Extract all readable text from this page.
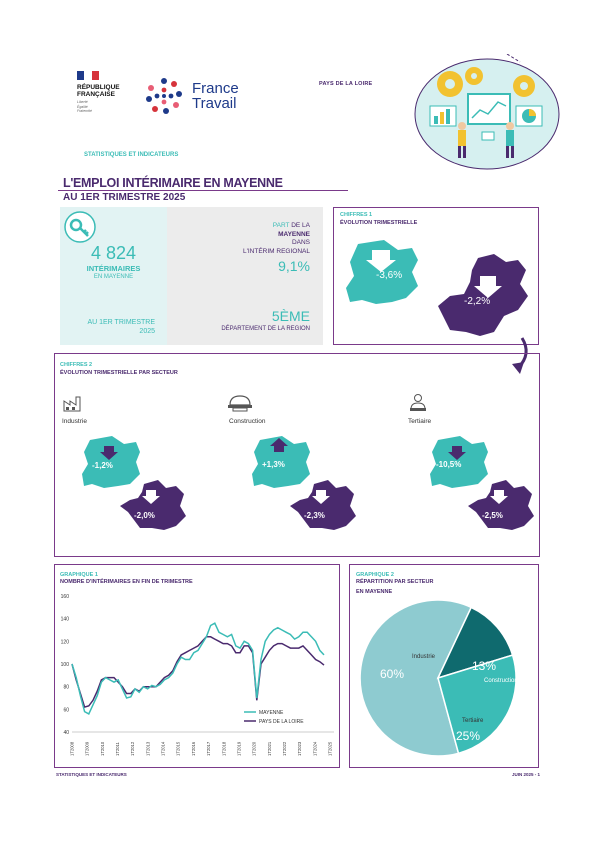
RÉPUBLIQUE
FRANÇAISE
Liberté
Égalité
Fraternité
France
Travail
PAYS DE LA LOIRE
STATISTIQUES ET INDICATEURS
L'EMPLOI INTÉRIMAIRE EN MAYENNE
AU 1ER TRIMESTRE 2025
4 824
INTÉRIMAIRES
EN MAYENNE
AU 1ER TRIMESTRE
2025
PART DE LA
MAYENNE
DANS
L'INTÉRIM REGIONAL
9,1%
5ÈME
DÉPARTEMENT DE LA REGION
CHIFFRES 1
ÉVOLUTION TRIMESTRIELLE
-3,6%
-2,2%
CHIFFRES 2
ÉVOLUTION TRIMESTRIELLE PAR SECTEUR
Industrie	Construction	Tertiaire
-1,2%
-2,0%
+1,3%
-2,3%
-10,5%
-2,5%
GRAPHIQUE 1
NOMBRE D'INTÉRIMAIRES EN FIN DE TRIMESTRE
40
60
80
100
120
140
160
1T2008 1T2009 1T2010 1T2011 1T2012 1T2013 1T2014 1T2015 1T2016 1T2017 1T2018 1T2019 1T2020 1T2021 1T2022 1T2023 1T2024 1T2025
MAYENNE
PAYS DE LA LOIRE
GRAPHIQUE 2
RÉPARTITION PAR SECTEUR
EN MAYENNE
Industrie
60%	Construction
13%
Tertiaire
25%
STATISTIQUES ET INDICATEURS	JUIN 2025 - 1
